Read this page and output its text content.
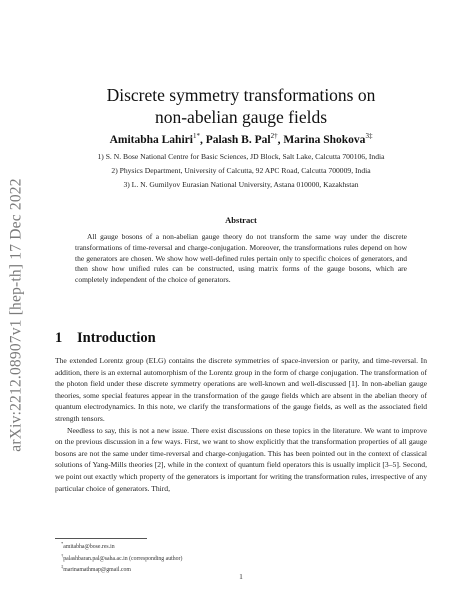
arXiv:2212.08907v1 [hep-th] 17 Dec 2022
Discrete symmetry transformations on
non-abelian gauge fields
Amitabha Lahiri$^{1*}$, Palash B. Pal$^{2\dagger}$, Marina Shokova$^{3\ddagger}$
1) S. N. Bose National Centre for Basic Sciences, JD Block, Salt Lake, Calcutta 700106, India
2) Physics Department, University of Calcutta, 92 APC Road, Calcutta 700009, India
3) L. N. Gumilyov Eurasian National University, Astana 010000, Kazakhstan
Abstract
All gauge bosons of a non-abelian gauge theory do not transform the same way under the discrete transformations of time-reversal and charge-conjugation. Moreover, the transformations rules depend on how the generators are chosen. We show how well-defined rules pertain only to specific choices of generators, and then show how unified rules can be constructed, using matrix forms of the gauge bosons, which are completely independent of the choice of generators.
1 Introduction

The extended Lorentz group (ELG) contains the discrete symmetries of space-inversion or parity, and time-reversal. In addition, there is an external automorphism of the Lorentz group in the form of charge conjugation. The transformation of the photon field under these discrete symmetry operations are well-known and well-discussed [1]. In non-abelian gauge theories, some special features appear in the transformation of the gauge fields which are absent in the abelian theory of quantum electrodynamics. In this note, we clarify the transformations of the gauge fields, as well as the associated field strength tensors.

Needless to say, this is not a new issue. There exist discussions on these topics in the literature. We want to improve on the previous discussion in a few ways. First, we want to show explicitly that the transformation properties of all gauge bosons are not the same under time-reversal and charge-conjugation. This has been pointed out in the context of classical solutions of Yang-Mills theories [2], while in the context of quantum field operators this is usually implicit [3–5]. Second, we point out exactly which property of the generators is important for writing the transformation rules, irrespective of any particular choice of generators. Third,

*amitabha@bose.res.in
†palashbaran.pal@saha.ac.in (corresponding author)
‡marinamathmap@gmail.com
1
